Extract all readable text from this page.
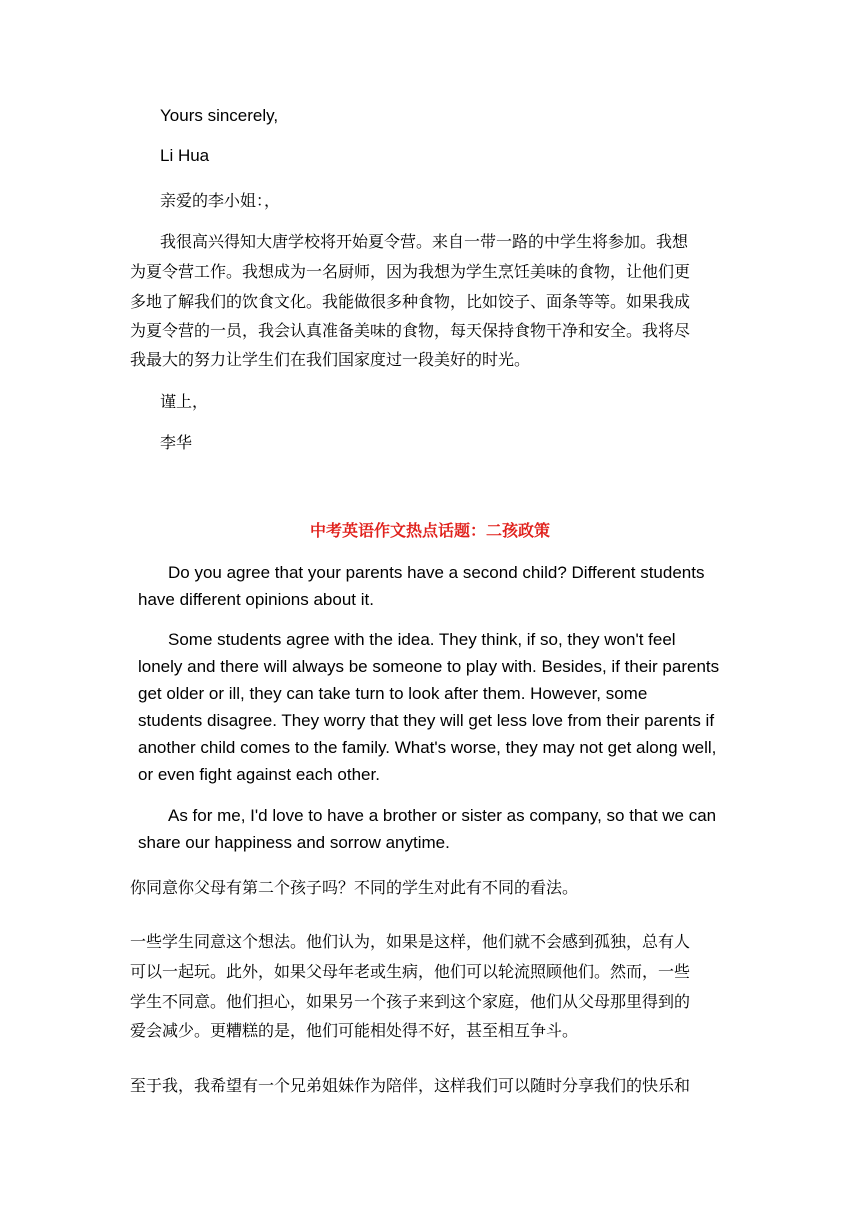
Yours sincerely,

Li Hua

亲爱的李小姐：，

我很高兴得知大唐学校将开始夏令营。来自一带一路的中学生将参加。我想

为夏令营工作。我想成为一名厨师，因为我想为学生烹饪美味的食物，让他们更

多地了解我们的饮食文化。我能做很多种食物，比如饺子、面条等等。如果我成

为夏令营的一员，我会认真准备美味的食物，每天保持食物干净和安全。我将尽

我最大的努力让学生们在我们国家度过一段美好的时光。

谨上，

李华

中考英语作文热点话题：二孩政策

Do you agree that your parents have a second child? Different students

have different opinions about it.

Some students agree with the idea. They think, if so, they won't feel

lonely and there will always be someone to play with. Besides, if their parents

get older or ill, they can take turn to look after them. However, some

students disagree. They worry that they will get less love from their parents if

another child comes to the family. What's worse, they may not get along well,

or even fight against each other.

As for me, I'd love to have a brother or sister as company, so that we can

share our happiness and sorrow anytime.

你同意你父母有第二个孩子吗？不同的学生对此有不同的看法。

一些学生同意这个想法。他们认为，如果是这样，他们就不会感到孤独，总有人

可以一起玩。此外，如果父母年老或生病，他们可以轮流照顾他们。然而，一些

学生不同意。他们担心，如果另一个孩子来到这个家庭，他们从父母那里得到的

爱会减少。更糟糕的是，他们可能相处得不好，甚至相互争斗。

至于我，我希望有一个兄弟姐妹作为陪伴，这样我们可以随时分享我们的快乐和
